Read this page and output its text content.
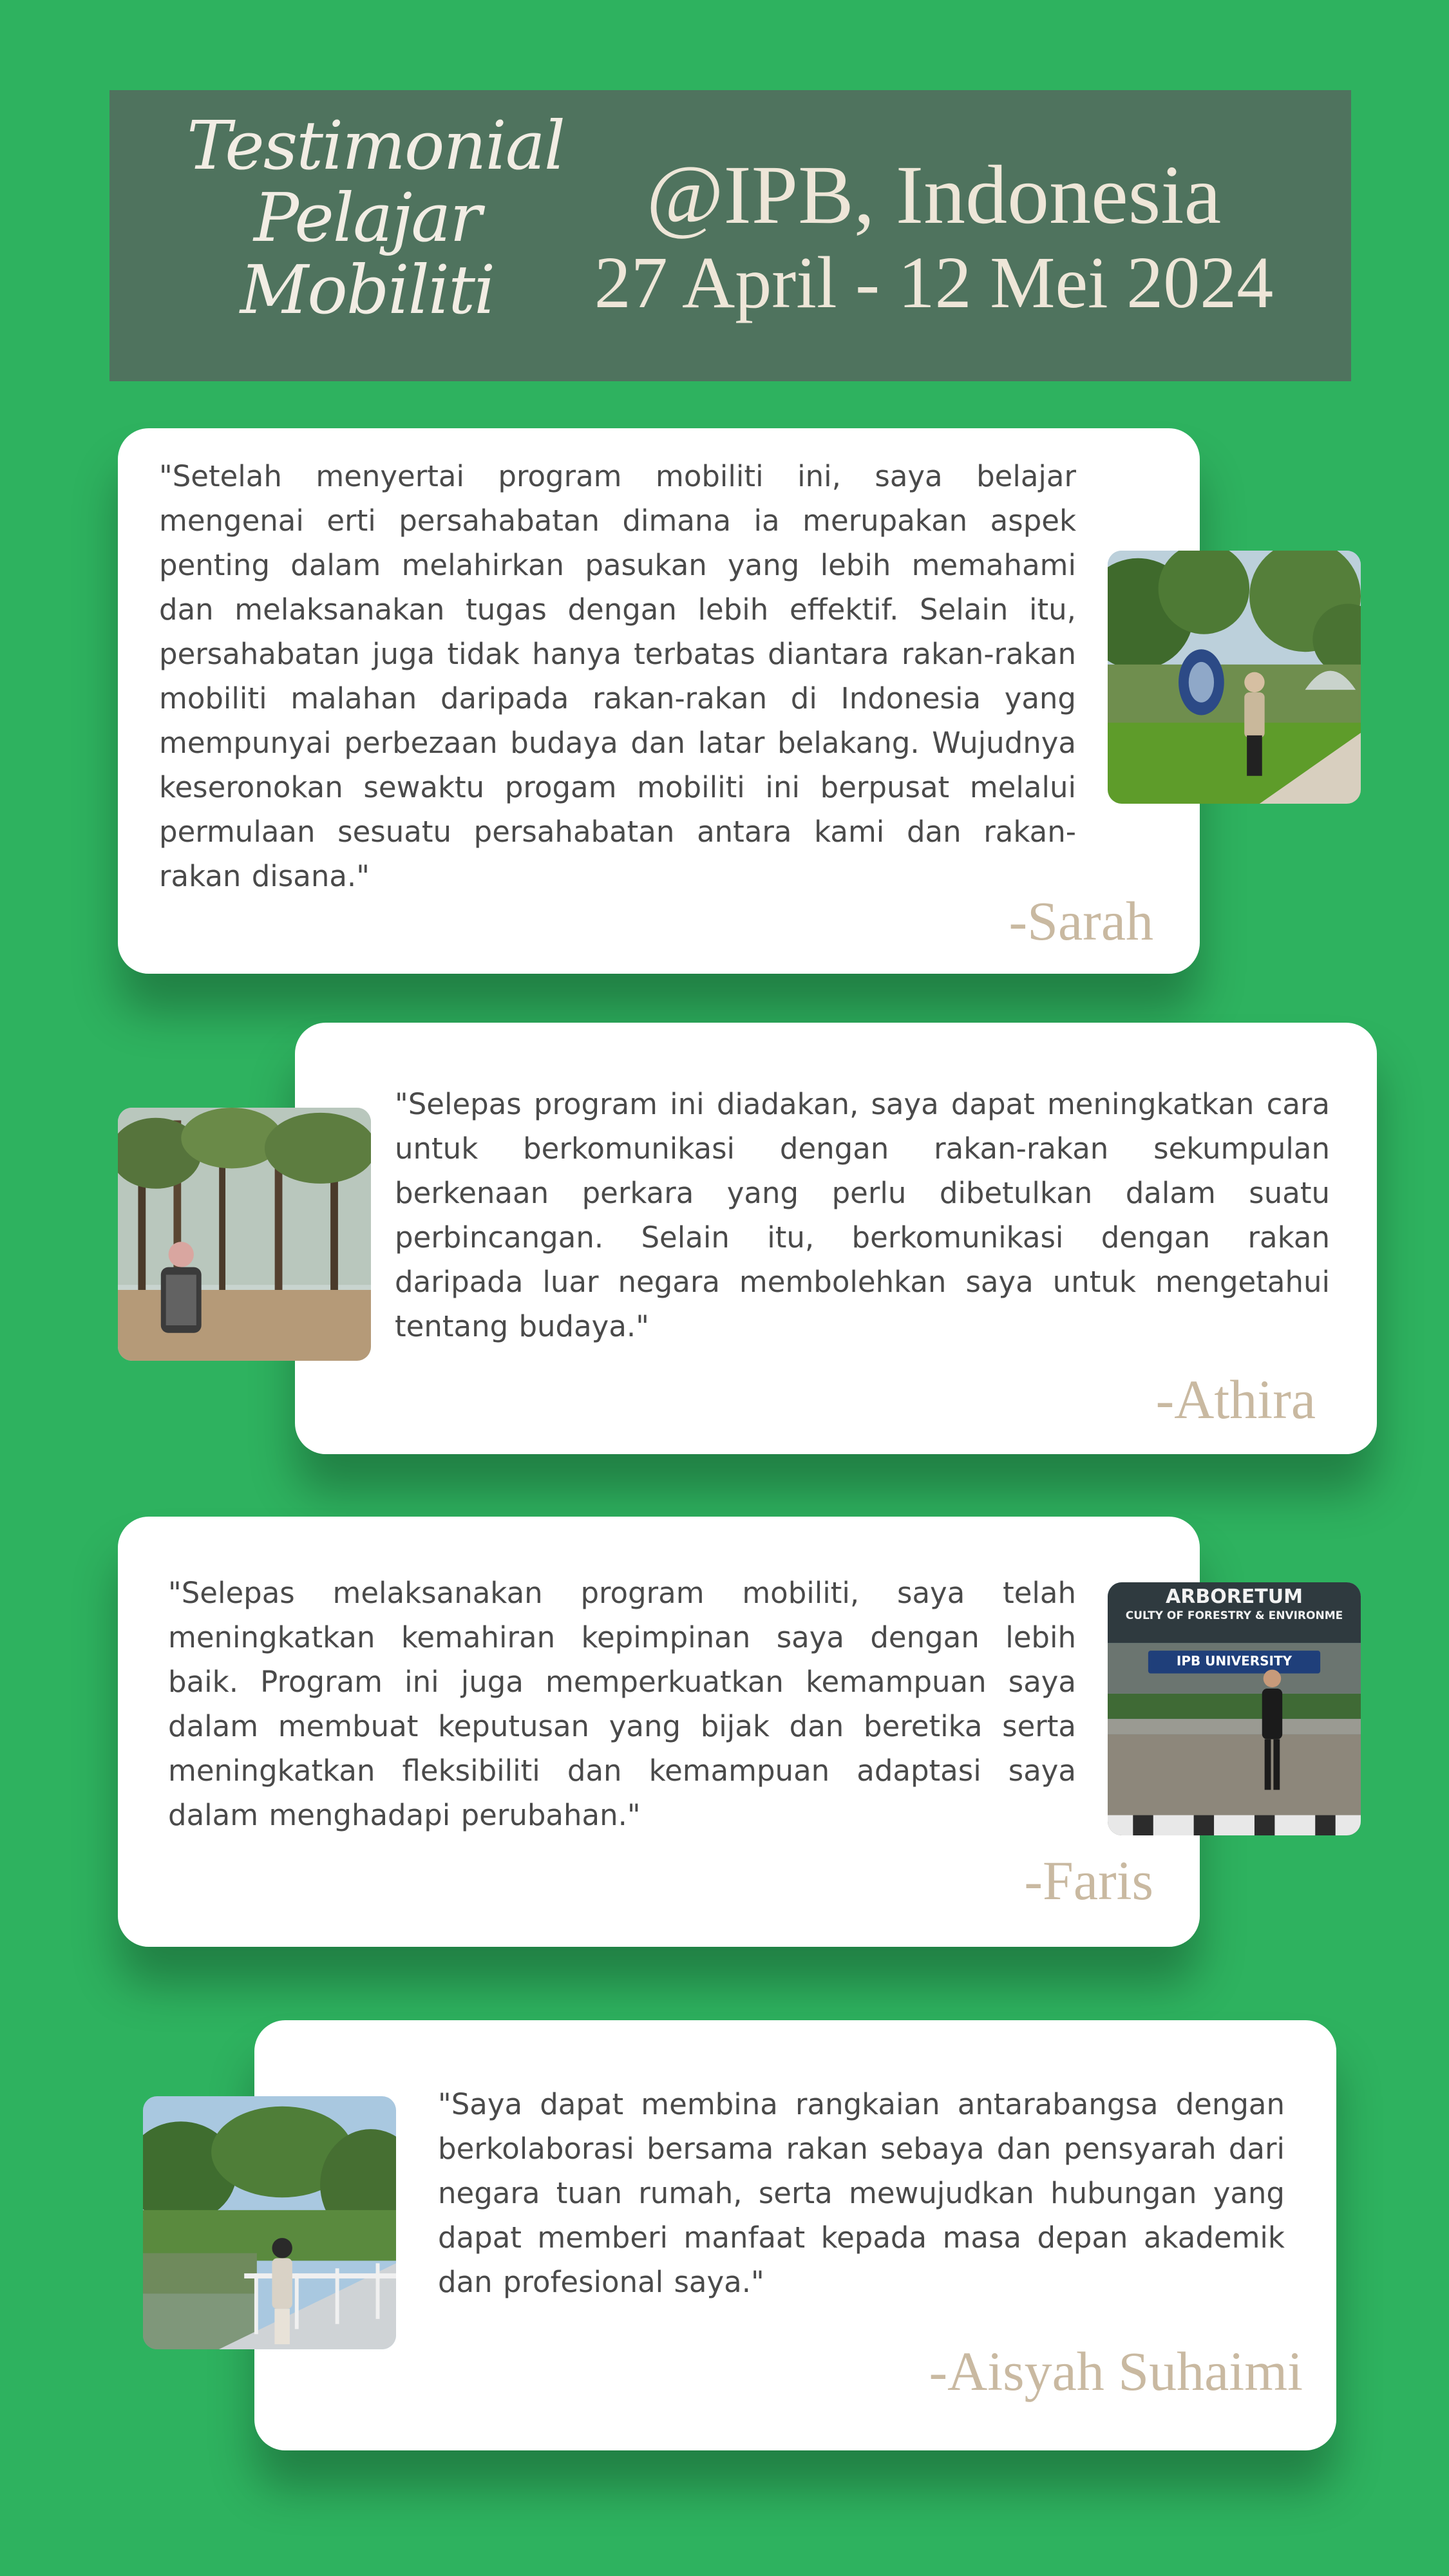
Testimonial
Pelajar
Mobiliti
@IPB, Indonesia
27 April - 12 Mei 2024
"Setelah menyertai program mobiliti ini, saya belajar mengenai erti persahabatan dimana ia merupakan aspek penting dalam melahirkan pasukan yang lebih memahami dan melaksanakan tugas dengan lebih effektif. Selain itu, persahabatan juga tidak hanya terbatas diantara rakan-rakan mobiliti malahan daripada rakan-rakan di Indonesia yang mempunyai perbezaan budaya dan latar belakang. Wujudnya keseronokan sewaktu progam mobiliti ini berpusat melalui permulaan sesuatu persahabatan antara kami dan rakan-rakan disana."
-Sarah
"Selepas program ini diadakan, saya dapat meningkatkan cara untuk berkomunikasi dengan rakan-rakan sekumpulan berkenaan perkara yang perlu dibetulkan dalam suatu perbincangan. Selain itu, berkomunikasi dengan rakan daripada luar negara membolehkan saya untuk mengetahui tentang budaya."
-Athira
"Selepas melaksanakan program mobiliti, saya telah meningkatkan kemahiran kepimpinan saya dengan lebih baik. Program ini juga memperkuatkan kemampuan saya dalam membuat keputusan yang bijak dan beretika serta meningkatkan fleksibiliti dan kemampuan adaptasi saya dalam menghadapi perubahan."
-Faris
ARBORETUM
CULTY OF FORESTRY & ENVIRONME
IPB UNIVERSITY
"Saya dapat membina rangkaian antarabangsa dengan berkolaborasi bersama rakan sebaya dan pensyarah dari negara tuan rumah, serta mewujudkan hubungan yang dapat memberi manfaat kepada masa depan akademik dan profesional saya."
-Aisyah Suhaimi
